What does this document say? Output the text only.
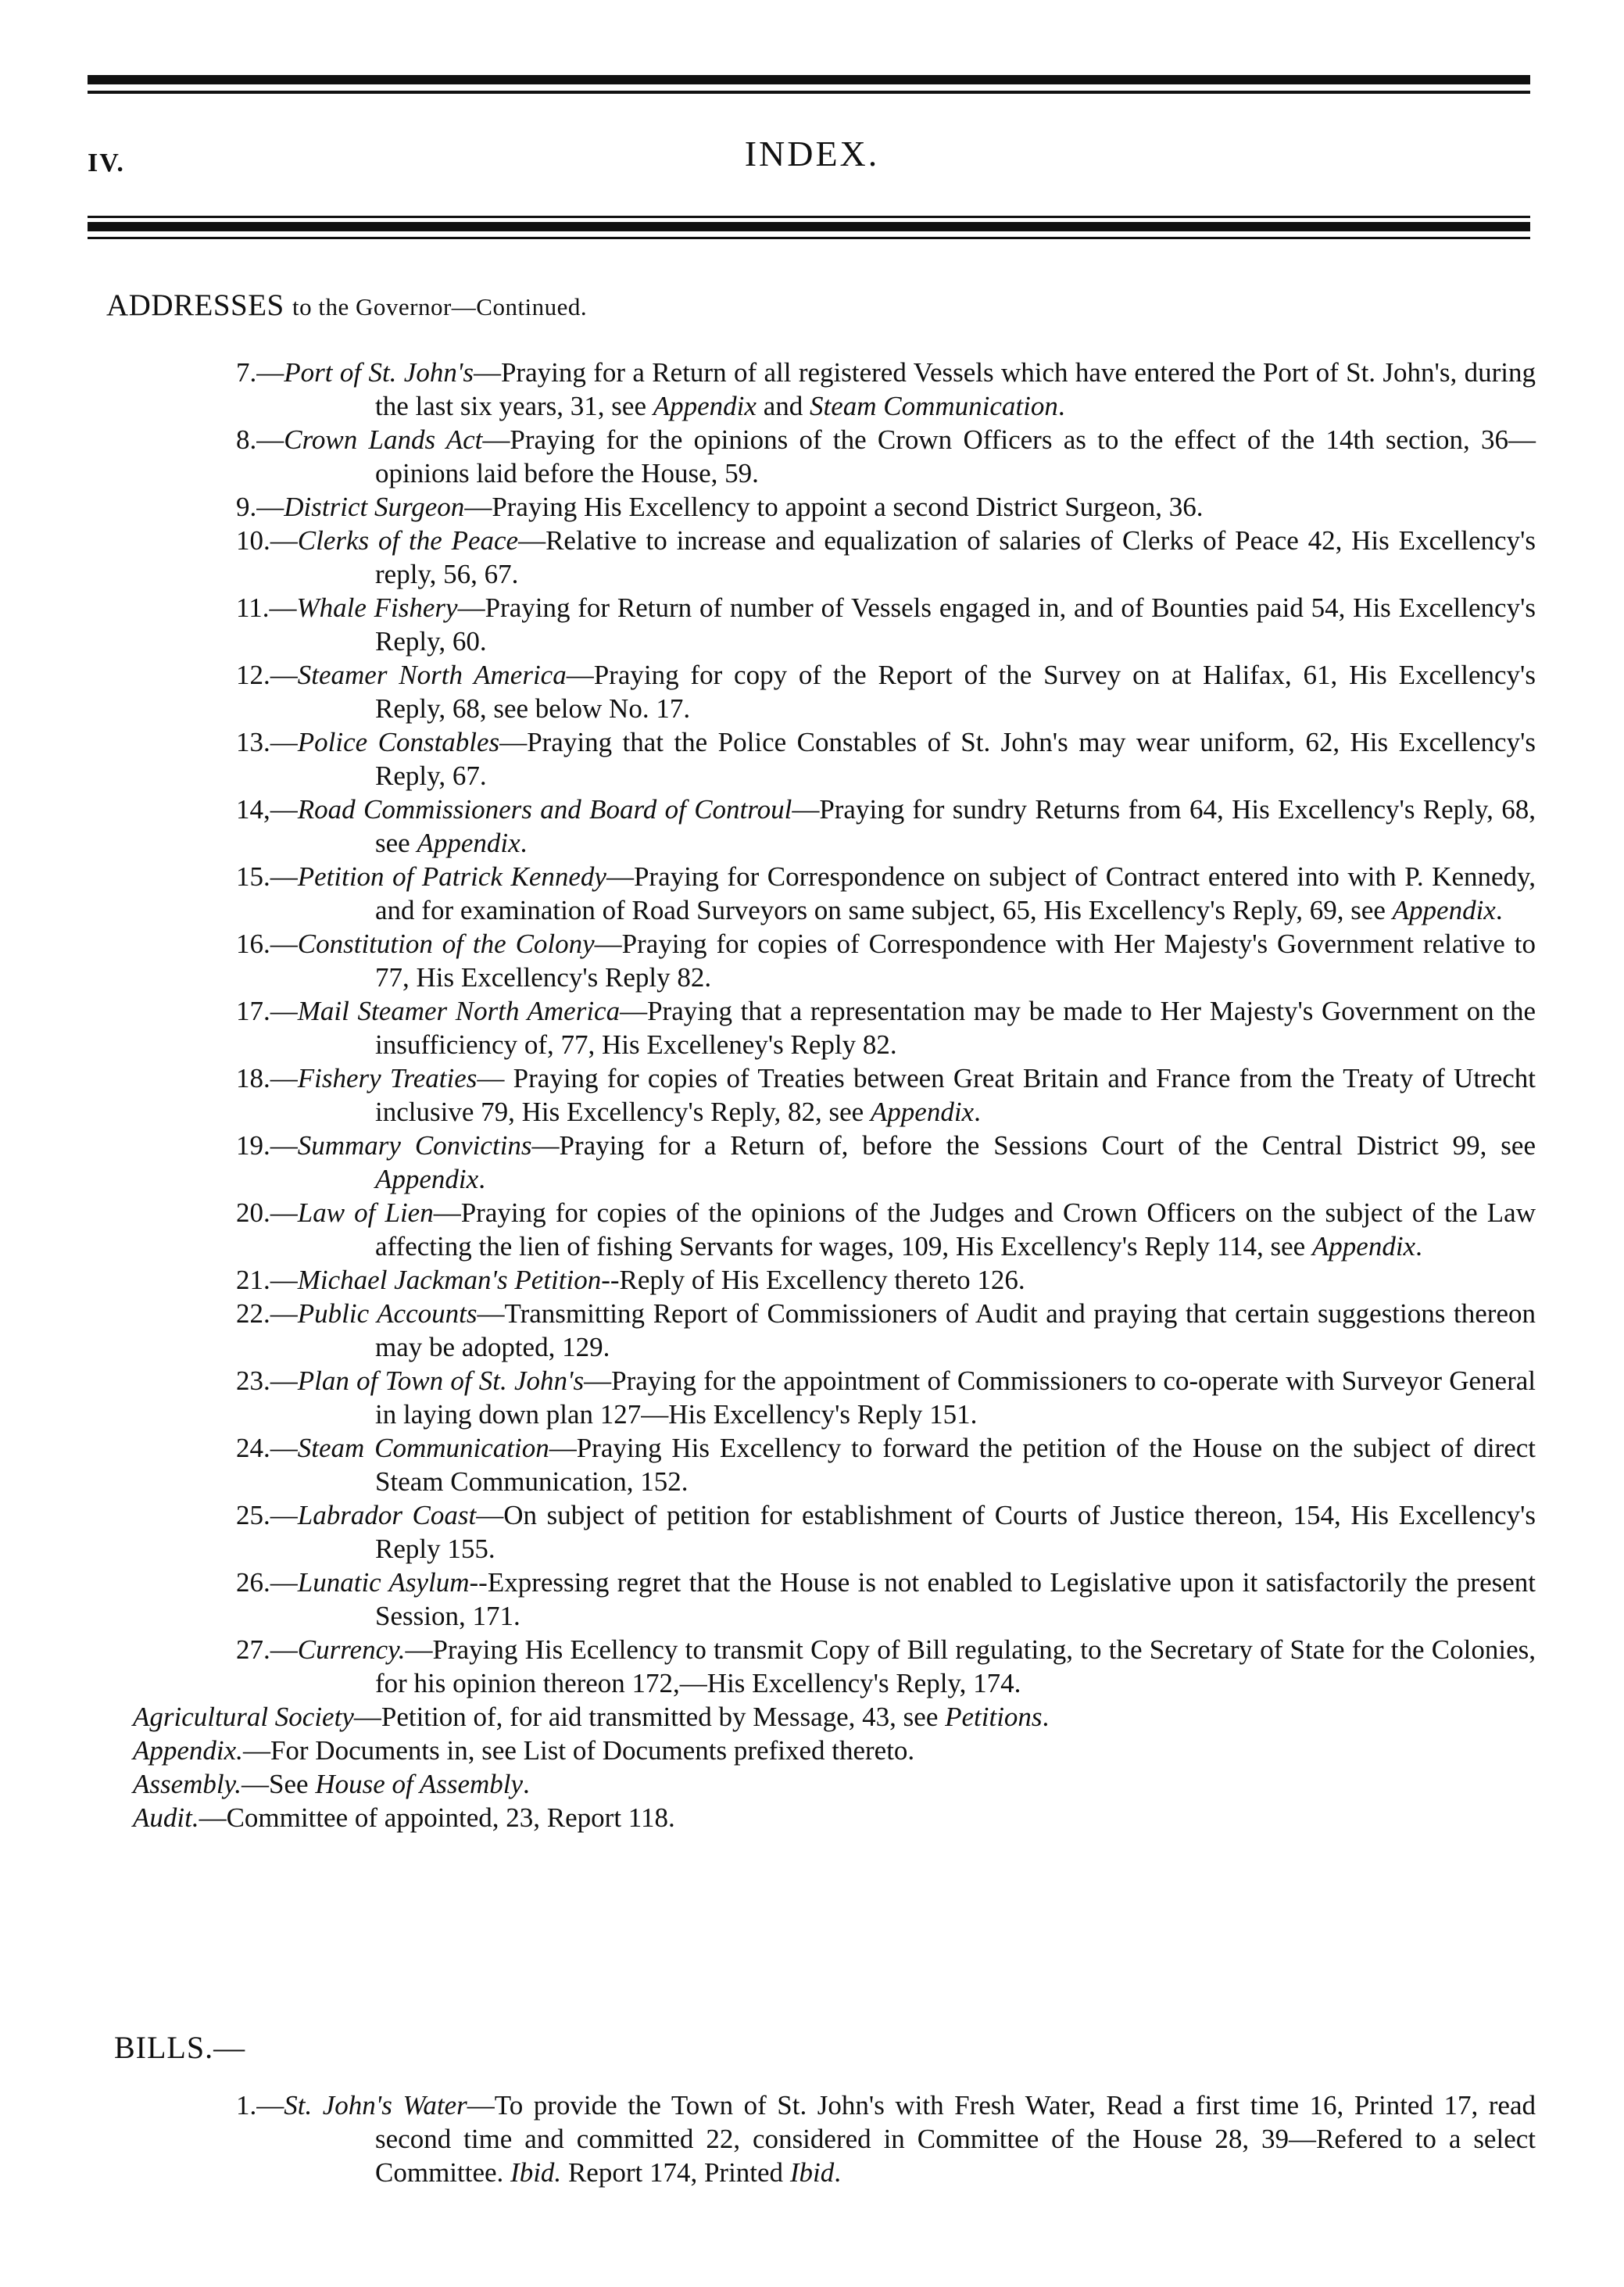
IV.	INDEX.
ADDRESSES to the Governor—Continued.
7.—Port of St. John's—Praying for a Return of all registered Vessels which have entered the Port of St. John's, during the last six years, 31, see Appendix and Steam Communication.
8.—Crown Lands Act—Praying for the opinions of the Crown Officers as to the effect of the 14th section, 36—opinions laid before the House, 59.
9.—District Surgeon—Praying His Excellency to appoint a second District Surgeon, 36.
10.—Clerks of the Peace—Relative to increase and equalization of salaries of Clerks of Peace 42, His Excellency's reply, 56, 67.
11.—Whale Fishery—Praying for Return of number of Vessels engaged in, and of Bounties paid 54, His Excellency's Reply, 60.
12.—Steamer North America—Praying for copy of the Report of the Survey on at Halifax, 61, His Excellency's Reply, 68, see below No. 17.
13.—Police Constables—Praying that the Police Constables of St. John's may wear uniform, 62, His Excellency's Reply, 67.
14,—Road Commissioners and Board of Controul—Praying for sundry Returns from 64, His Excellency's Reply, 68, see Appendix.
15.—Petition of Patrick Kennedy—Praying for Correspondence on subject of Contract entered into with P. Kennedy, and for examination of Road Surveyors on same subject, 65, His Excellency's Reply, 69, see Appendix.
16.—Constitution of the Colony—Praying for copies of Correspondence with Her Majesty's Government relative to 77, His Excellency's Reply 82.
17.—Mail Steamer North America—Praying that a representation may be made to Her Majesty's Government on the insufficiency of, 77, His Excelleney's Reply 82.
18.—Fishery Treaties— Praying for copies of Treaties between Great Britain and France from the Treaty of Utrecht inclusive 79, His Excellency's Reply, 82, see Appendix.
19.—Summary Convictins—Praying for a Return of, before the Sessions Court of the Central District 99, see Appendix.
20.—Law of Lien—Praying for copies of the opinions of the Judges and Crown Officers on the subject of the Law affecting the lien of fishing Servants for wages, 109, His Excellency's Reply 114, see Appendix.
21.—Michael Jackman's Petition--Reply of His Excellency thereto 126.
22.—Public Accounts—Transmitting Report of Commissioners of Audit and praying that certain suggestions thereon may be adopted, 129.
23.—Plan of Town of St. John's—Praying for the appointment of Commissioners to co-operate with Surveyor General in laying down plan 127—His Excellency's Reply 151.
24.—Steam Communication—Praying His Excellency to forward the petition of the House on the subject of direct Steam Communication, 152.
25.—Labrador Coast—On subject of petition for establishment of Courts of Justice thereon, 154, His Excellency's Reply 155.
26.—Lunatic Asylum--Expressing regret that the House is not enabled to Legislative upon it satisfactorily the present Session, 171.
27.—Currency.—Praying His Ecellency to transmit Copy of Bill regulating, to the Secretary of State for the Colonies, for his opinion thereon 172,—His Excellency's Reply, 174.
Agricultural Society—Petition of, for aid transmitted by Message, 43, see Petitions.
Appendix.—For Documents in, see List of Documents prefixed thereto.
Assembly.—See House of Assembly.
Audit.—Committee of appointed, 23, Report 118.
BILLS.—
1.—St. John's Water—To provide the Town of St. John's with Fresh Water, Read a first time 16, Printed 17, read second time and committed 22, considered in Committee of the House 28, 39—Refered to a select Committee. Ibid. Report 174, Printed Ibid.
